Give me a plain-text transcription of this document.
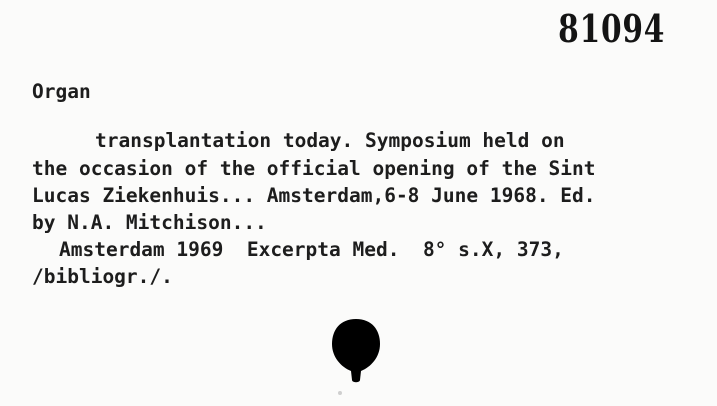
81094
Organ
transplantation today. Symposium held on
the occasion of the official opening of the Sint
Lucas Ziekenhuis... Amsterdam,6-8 June 1968. Ed.
by N.A. Mitchison...
Amsterdam 1969  Excerpta Med.  8° s.X, 373,
/bibliogr./.
